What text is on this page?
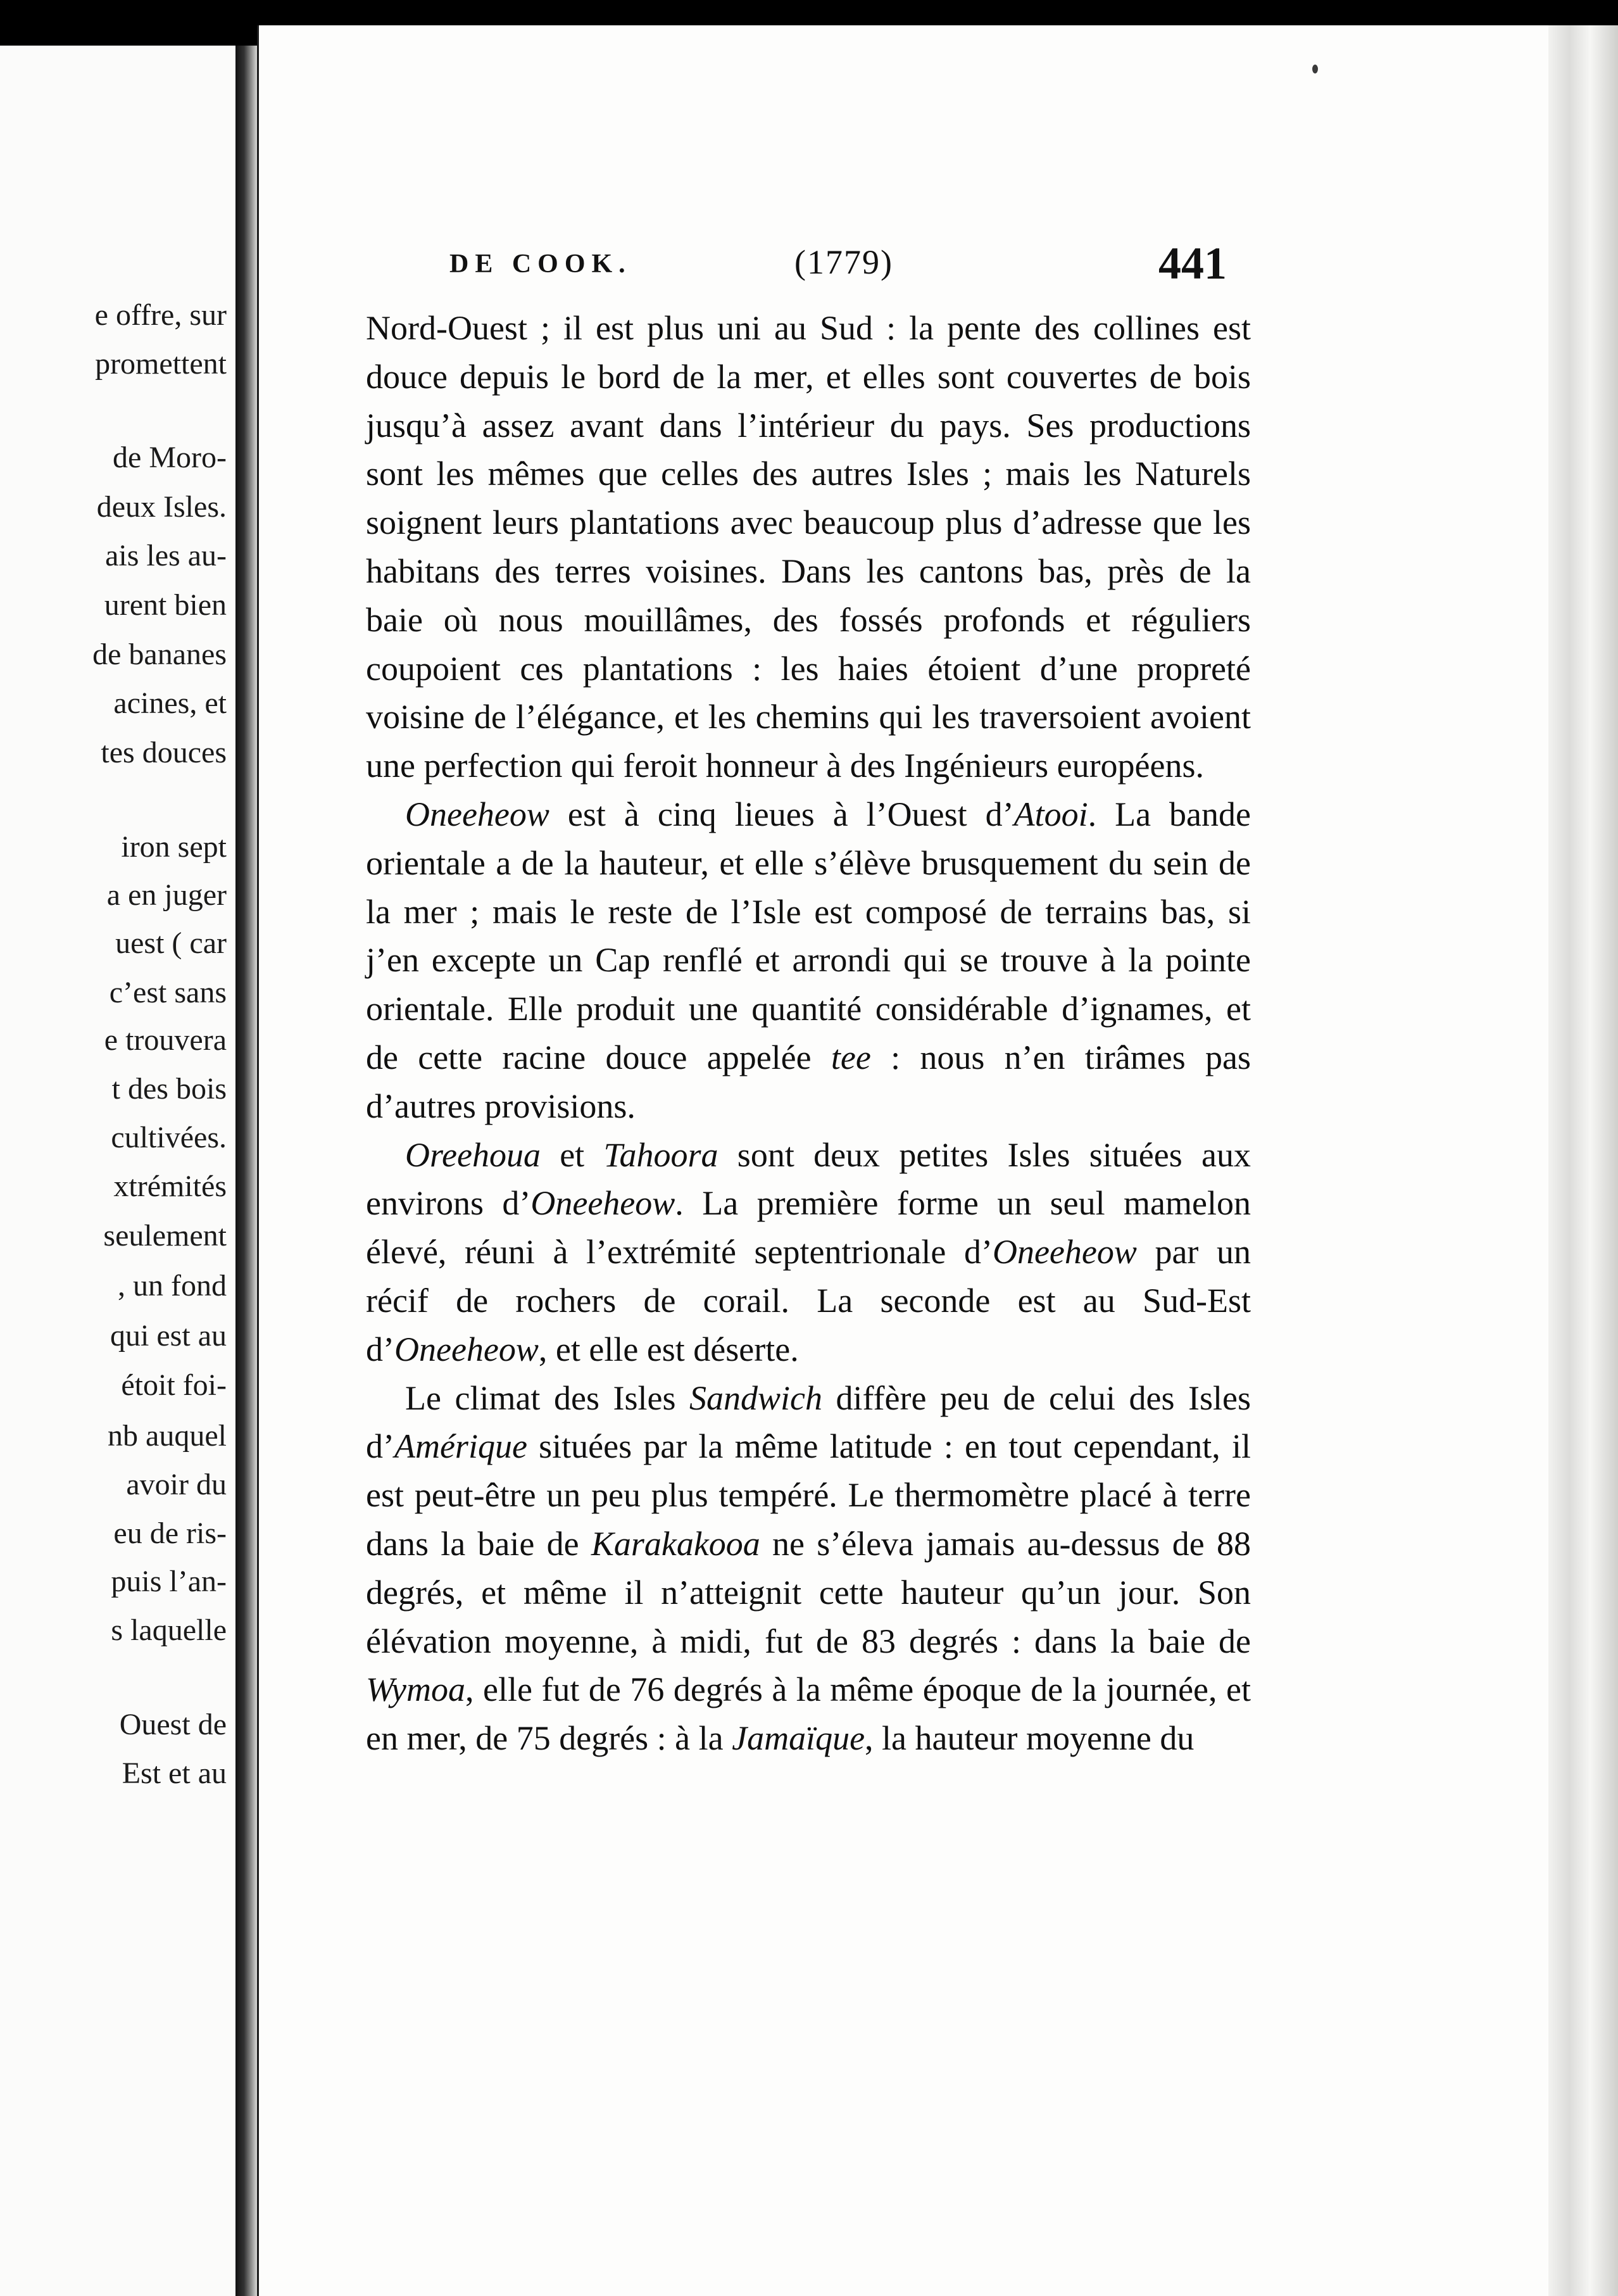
e offre, sur
promettent
de Moro-
deux Isles.
ais les au-
urent bien
de bananes
acines, et
tes douces
iron sept
a en juger
uest ( car
c’est sans
e trouvera
t des bois
cultivées.
xtrémités
seulement
, un fond
qui est au
étoit foi-
nb auquel
avoir du
eu de ris-
puis l’an-
s laquelle
Ouest de
Est et au
DE COOK.	(1779)	441

Nord-Ouest ; il est plus uni au Sud : la pente des collines est douce depuis le bord de la mer, et elles sont couvertes de bois jusqu’à assez avant dans l’intérieur du pays. Ses productions sont les mêmes que celles des autres Isles ; mais les Naturels soignent leurs plantations avec beaucoup plus d’adresse que les habitans des terres voisines. Dans les cantons bas, près de la baie où nous mouillâmes, des fossés profonds et réguliers coupoient ces plantations : les haies étoient d’une propreté voisine de l’élégance, et les chemins qui les traversoient avoient une perfection qui feroit honneur à des Ingénieurs européens.

Oneeheow est à cinq lieues à l’Ouest d’Atooi. La bande orientale a de la hauteur, et elle s’élève brusquement du sein de la mer ; mais le reste de l’Isle est composé de terrains bas, si j’en excepte un Cap renflé et arrondi qui se trouve à la pointe orientale. Elle produit une quantité considérable d’ignames, et de cette racine douce appelée tee : nous n’en tirâmes pas d’autres provisions.

Oreehoua et Tahoora sont deux petites Isles situées aux environs d’Oneeheow. La première forme un seul mamelon élevé, réuni à l’extrémité septentrionale d’Oneeheow par un récif de rochers de corail. La seconde est au Sud-Est d’Oneeheow, et elle est déserte.

Le climat des Isles Sandwich diffère peu de celui des Isles d’Amérique situées par la même latitude : en tout cependant, il est peut-être un peu plus tempéré. Le thermomètre placé à terre dans la baie de Karakakooa ne s’éleva jamais au-dessus de 88 degrés, et même il n’atteignit cette hauteur qu’un jour. Son élévation moyenne, à midi, fut de 83 degrés : dans la baie de Wymoa, elle fut de 76 degrés à la même époque de la journée, et en mer, de 75 degrés : à la Jamaïque, la hauteur moyenne du
